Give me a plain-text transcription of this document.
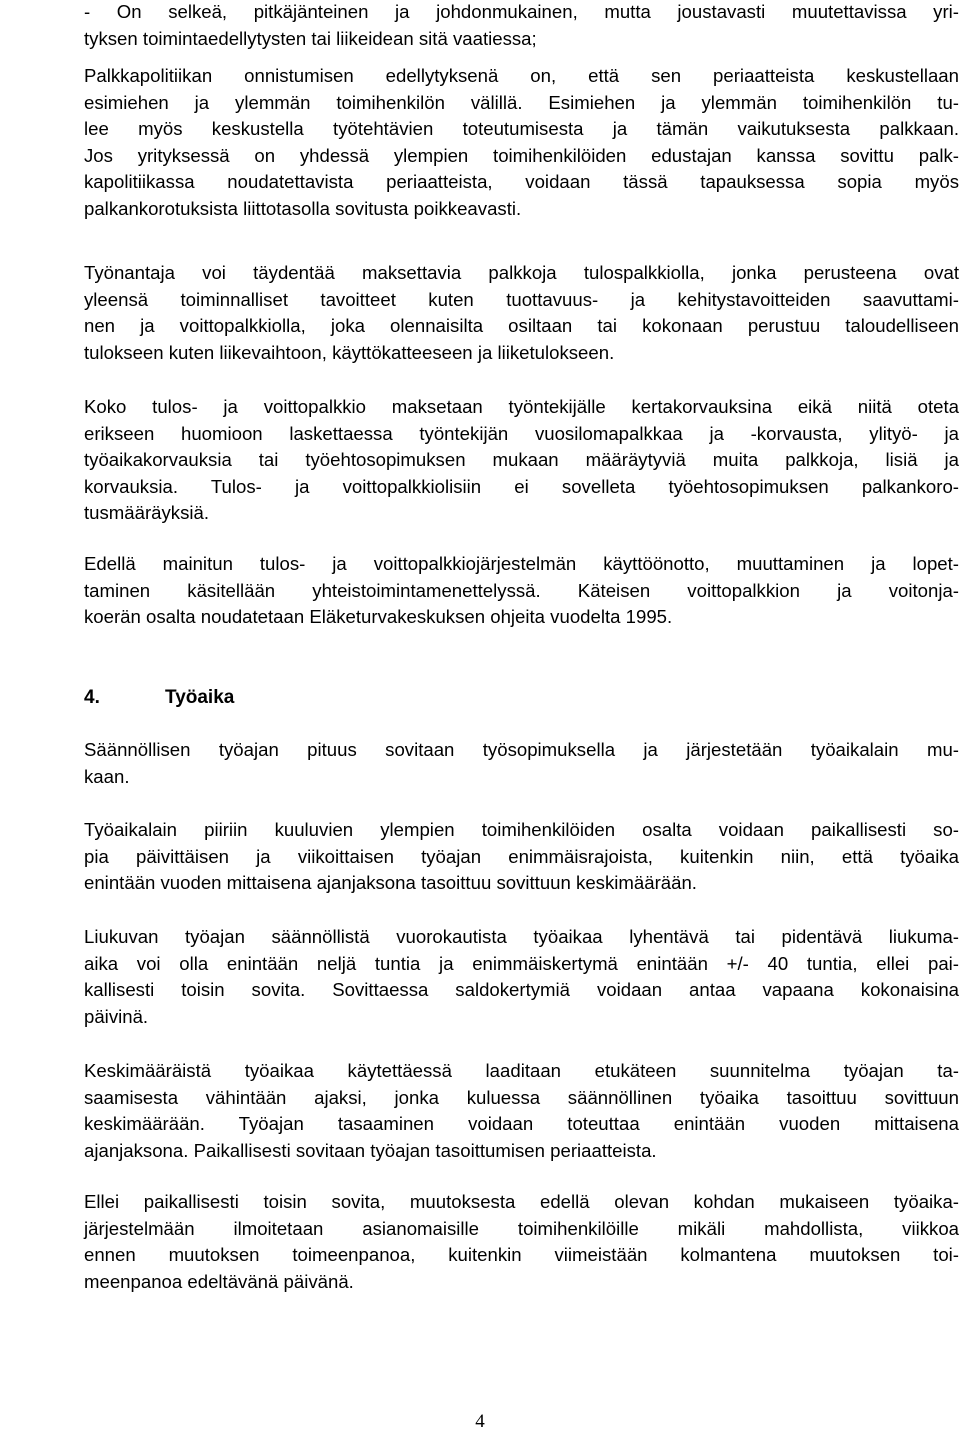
- On selkeä, pitkäjänteinen ja johdonmukainen, mutta joustavasti muutettavissa yri-
tyksen toimintaedellytysten tai liikeidean sitä vaatiessa;
Palkkapolitiikan onnistumisen edellytyksenä on, että sen periaatteista keskustellaan
esimiehen ja ylemmän toimihenkilön välillä. Esimiehen ja ylemmän toimihenkilön tu-
lee myös keskustella työtehtävien toteutumisesta ja tämän vaikutuksesta palkkaan.
Jos yrityksessä on yhdessä ylempien toimihenkilöiden edustajan kanssa sovittu palk-
kapolitiikassa noudatettavista periaatteista, voidaan tässä tapauksessa sopia myös
palkankorotuksista liittotasolla sovitusta poikkeavasti.
Työnantaja voi täydentää maksettavia palkkoja tulospalkkiolla, jonka perusteena ovat
yleensä toiminnalliset tavoitteet kuten tuottavuus- ja kehitystavoitteiden saavuttami-
nen ja voittopalkkiolla, joka olennaisilta osiltaan tai kokonaan perustuu taloudelliseen
tulokseen kuten liikevaihtoon, käyttökatteeseen ja liiketulokseen.
Koko tulos- ja voittopalkkio maksetaan työntekijälle kertakorvauksina eikä niitä oteta
erikseen huomioon laskettaessa työntekijän vuosilomapalkkaa ja -korvausta, ylityö- ja
työaikakorvauksia tai työehtosopimuksen mukaan määräytyviä muita palkkoja, lisiä ja
korvauksia. Tulos- ja voittopalkkiolisiin ei sovelleta työehtosopimuksen palkankoro-
tusmääräyksiä.
Edellä mainitun tulos- ja voittopalkkiojärjestelmän käyttöönotto, muuttaminen ja lopet-
taminen käsitellään yhteistoimintamenettelyssä. Käteisen voittopalkkion ja voitonja-
koerän osalta noudatetaan Eläketurvakeskuksen ohjeita vuodelta 1995.
4.	Työaika
Säännöllisen työajan pituus sovitaan työsopimuksella ja järjestetään työaikalain mu-
kaan.
Työaikalain piiriin kuuluvien ylempien toimihenkilöiden osalta voidaan paikallisesti so-
pia päivittäisen ja viikoittaisen työajan enimmäisrajoista, kuitenkin niin, että työaika
enintään vuoden mittaisena ajanjaksona tasoittuu sovittuun keskimäärään.
Liukuvan työajan säännöllistä vuorokautista työaikaa lyhentävä tai pidentävä liukuma-
aika voi olla enintään neljä tuntia ja enimmäiskertymä enintään +/- 40 tuntia, ellei pai-
kallisesti toisin sovita. Sovittaessa saldokertymiä voidaan antaa vapaana kokonaisina
päivinä.
Keskimääräistä työaikaa käytettäessä laaditaan etukäteen suunnitelma työajan ta-
saamisesta vähintään ajaksi, jonka kuluessa säännöllinen työaika tasoittuu sovittuun
keskimäärään. Työajan tasaaminen voidaan toteuttaa enintään vuoden mittaisena
ajanjaksona. Paikallisesti sovitaan työajan tasoittumisen periaatteista.
Ellei paikallisesti toisin sovita, muutoksesta edellä olevan kohdan mukaiseen työaika-
järjestelmään ilmoitetaan asianomaisille toimihenkilöille mikäli mahdollista, viikkoa
ennen muutoksen toimeenpanoa, kuitenkin viimeistään kolmantena muutoksen toi-
meenpanoa edeltävänä päivänä.
4
